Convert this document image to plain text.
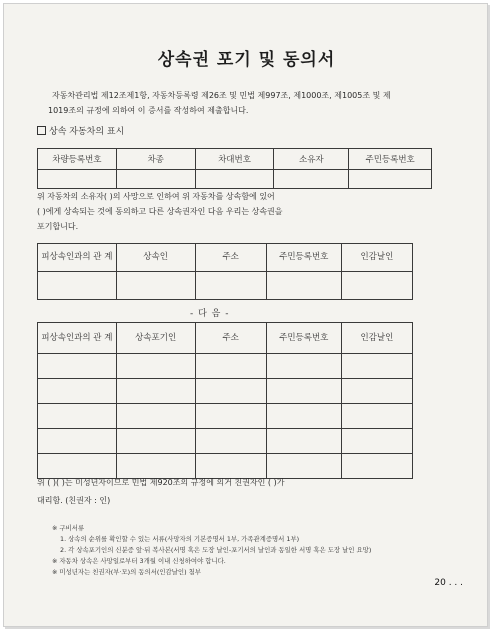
상속권 포기 및 동의서
자동차관리법 제12조제1항, 자동차등록령 제26조 및 민법 제997조, 제1000조, 제1005조 및 제
1019조의 규정에 의하여 이 증서를 작성하여 제출합니다.
상속 자동차의 표시
차량등록번호	차종	차대번호	소유자	주민등록번호

위 자동차의 소유자( )의 사망으로 인하여 위 자동차를 상속함에 있어
( )에게 상속되는 것에 동의하고 다른 상속권자인 다음 우리는 상속권을
포기합니다.
피상속인과의 관 계	상속인	주소	주민등록번호	인감날인

- 다 음 -
피상속인과의 관 계	상속포기인	주소	주민등록번호	인감날인

위 ( )( )는 미성년자이므로 민법 제920조의 규정에 의거 친권자인 ( )가
대리함. (친권자 : 인)
※ 구비서류
1. 상속의 순위를 확인할 수 있는 서류(사망자의 기본증명서 1부, 가족관계증명서 1부)
2. 각 상속포기인의 신분증 앞·뒤 복사본(서명 혹은 도장 날인-포기서의 날인과 동일한 서명 혹은 도장 날인 요망)
※ 자동차 상속은 사망일로부터 3개월 이내 신청하여야 합니다.
※ 미성년자는 친권자(부·모)의 동의서(인감날인) 첨부
20 . . .
